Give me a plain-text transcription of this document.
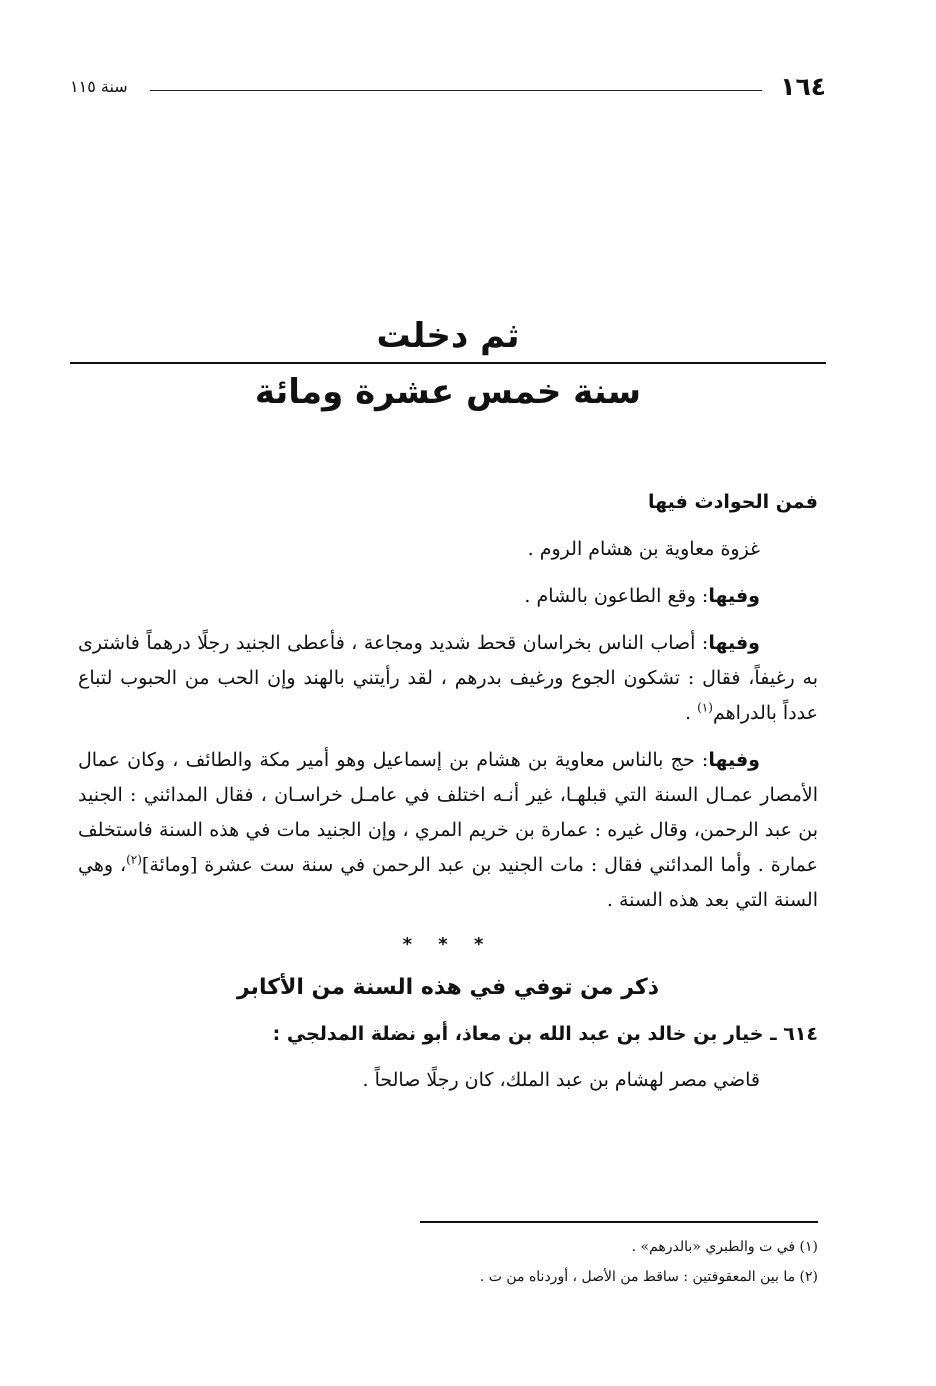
١٦٤
سنة ١١٥

ثم دخلت

سنة خمس عشرة ومائة

فمن الحوادث فيها

غزوة معاوية بن هشام الروم .

وفيها: وقع الطاعون بالشام .

وفيها: أصاب الناس بخراسان قحط شديد ومجاعة ، فأعطى الجنيد رجلًا درهماً فاشترى به رغيفاً، فقال : تشكون الجوع ورغيف بدرهم ، لقد رأيتني بالهند وإن الحب من الحبوب لتباع عدداً بالدراهم$^{(١)}$ .

وفيها: حج بالناس معاوية بن هشام بن إسماعيل وهو أمير مكة والطائف ، وكان عمال الأمصار عمـال السنة التي قبلهـا، غير أنـه اختلف في عامـل خراسـان ، فقال المدائني : الجنيد بن عبد الرحمن، وقال غيره : عمارة بن خريم المري ، وإن الجنيد مات في هذه السنة فاستخلف عمارة . وأما المدائني فقال : مات الجنيد بن عبد الرحمن في سنة ست عشرة [ومائة]$^{(٢)}$، وهي السنة التي بعد هذه السنة .

* * *

ذكر من توفي في هذه السنة من الأكابر

٦١٤ ـ خيار بن خالد بن عبد الله بن معاذ، أبو نضلة المدلجي :

قاضي مصر لهشام بن عبد الملك، كان رجلًا صالحاً .

(١) في ت والطبري «بالدرهم» .

(٢) ما بين المعقوفتين : ساقط من الأصل ، أوردناه من ت .
